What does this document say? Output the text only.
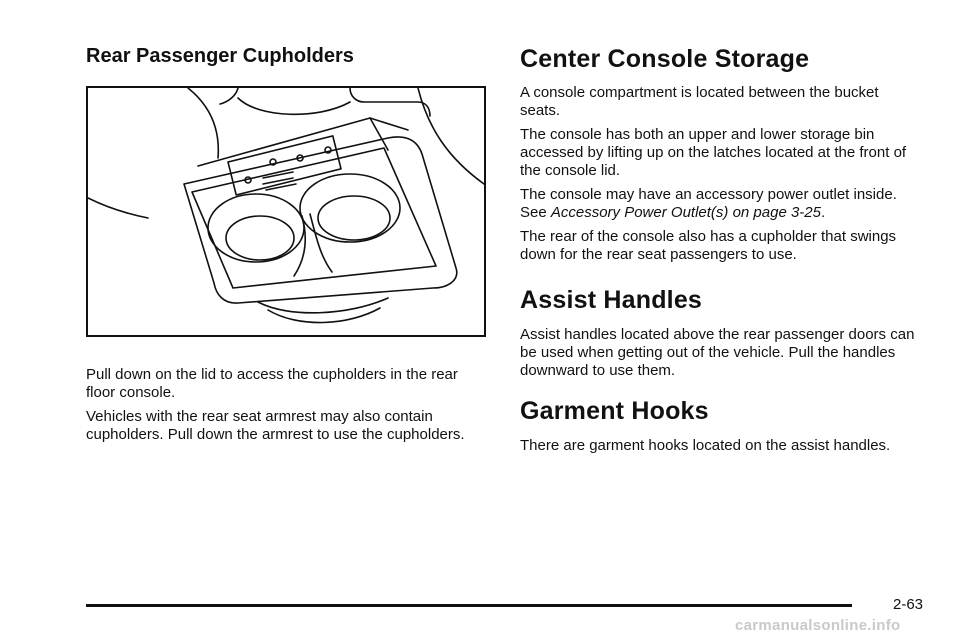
Rear Passenger Cupholders

Pull down on the lid to access the cupholders in the rear floor console.

Vehicles with the rear seat armrest may also contain cupholders. Pull down the armrest to use the cupholders.

Center Console Storage

A console compartment is located between the bucket seats.

The console has both an upper and lower storage bin accessed by lifting up on the latches located at the front of the console lid.

The console may have an accessory power outlet inside. See Accessory Power Outlet(s) on page 3-25.

The rear of the console also has a cupholder that swings down for the rear seat passengers to use.

Assist Handles

Assist handles located above the rear passenger doors can be used when getting out of the vehicle. Pull the handles downward to use them.

Garment Hooks

There are garment hooks located on the assist handles.

2-63
carmanualsonline.info
